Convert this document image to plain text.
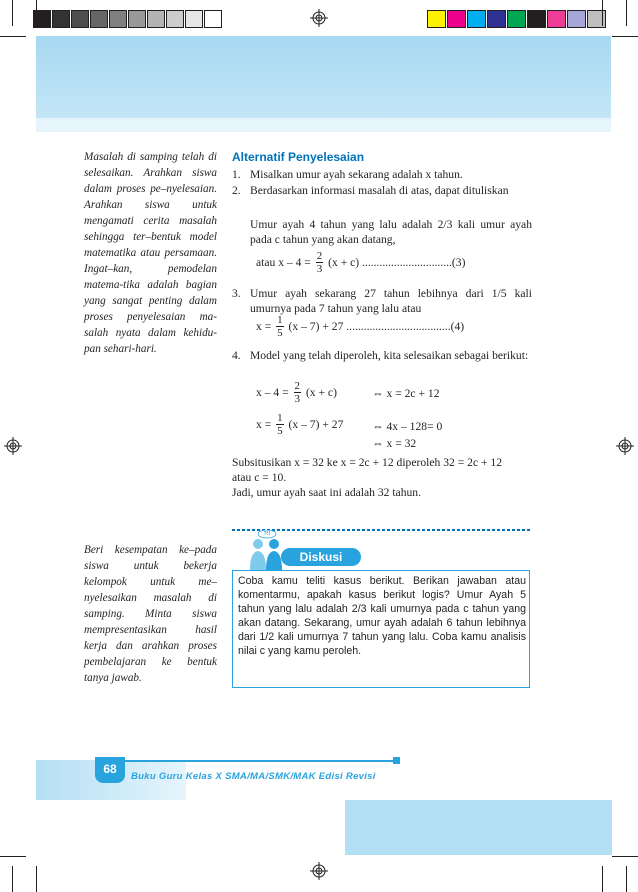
Masalah di samping telah di selesaikan. Arahkan siswa dalam proses pe–nyelesaian. Arahkan siswa untuk mengamati cerita masalah sehingga ter–bentuk model matematika atau persamaan. Ingat–kan, pemodelan matema-tika adalah bagian yang sangat penting dalam proses penyelesaian ma-salah nyata dalam kehidu-pan sehari-hari.
Beri kesempatan ke–pada siswa untuk bekerja kelompok untuk me–nyelesaikan masalah di samping. Minta siswa mempresentasikan hasil kerja dan arahkan proses pembelajaran ke bentuk tanya jawab.
Alternatif Penyelesaian
1. Misalkan umur ayah sekarang adalah x tahun.
2. Berdasarkan informasi masalah di atas, dapat dituliskan
Umur ayah 4 tahun yang lalu adalah 2/3 kali umur ayah pada c tahun yang akan datang,
atau $x - 4 = \frac{2}{3} (x + c)$ ...............................(3)
3. Umur ayah sekarang 27 tahun lebihnya dari 1/5 kali umurnya pada 7 tahun yang lalu atau
$x = \frac{1}{5} (x - 7) + 27$ ....................................(4)
4. Model yang telah diperoleh, kita selesaikan sebagai berikut:
$x - 4 = \frac{2}{3} (x + c)$	⇔ x = 2c + 12
$x = \frac{1}{5} (x - 7) + 27$ ⇔ 4x – 128= 0
⇔ x = 32
Subsitusikan x = 32 ke x = 2c + 12 diperoleh 32 = 2c + 12
atau c = 10.
Jadi, umur ayah saat ini adalah 32 tahun.
?!!
Diskusi
Coba kamu teliti kasus berikut. Berikan jawaban atau komentarmu, apakah kasus berikut logis? Umur Ayah 5 tahun yang lalu adalah 2/3 kali umurnya pada c tahun yang akan datang. Sekarang, umur ayah adalah 6 tahun lebihnya dari 1/2 kali umurnya 7 tahun yang lalu. Coba kamu analisis nilai c yang kamu peroleh.
68
Buku Guru Kelas X SMA/MA/SMK/MAK Edisi Revisi
